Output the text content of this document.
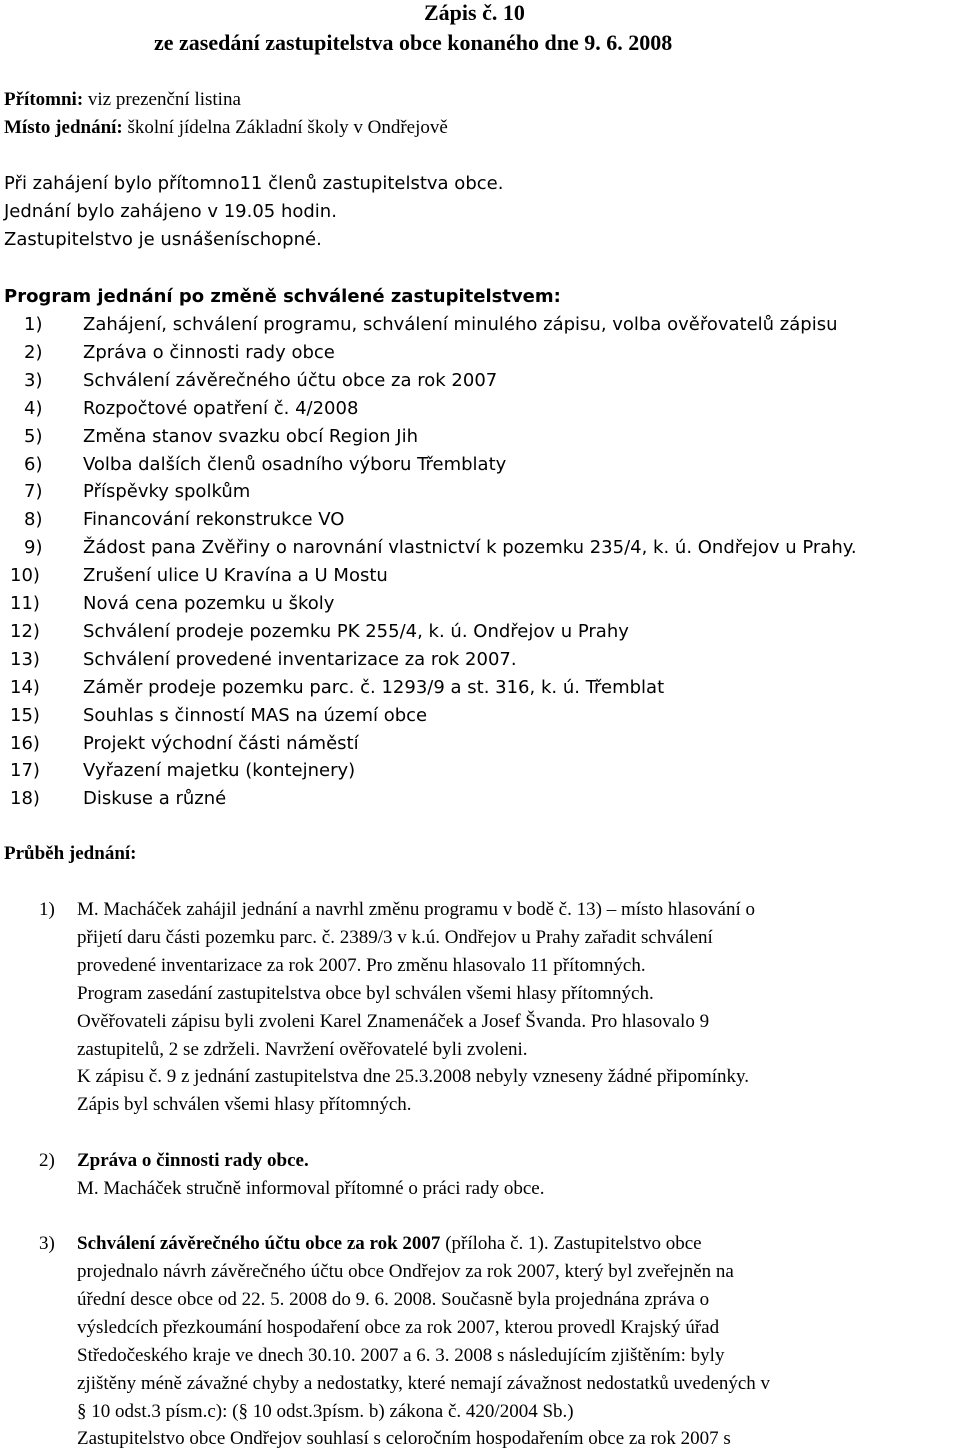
Zápis č. 10
ze zasedání zastupitelstva obce konaného dne 9. 6. 2008
Přítomni: viz prezenční listina
Místo jednání: školní jídelna Základní školy v Ondřejově
Při zahájení bylo přítomno11 členů zastupitelstva obce.
Jednání bylo zahájeno v 19.05 hodin.
Zastupitelstvo je usnášeníschopné.
Program jednání po změně schválené zastupitelstvem:
1) Zahájení, schválení programu, schválení minulého zápisu, volba ověřovatelů zápisu
2) Zpráva o činnosti rady obce
3) Schválení závěrečného účtu obce za rok 2007
4) Rozpočtové opatření č. 4/2008
5) Změna stanov svazku obcí Region Jih
6) Volba dalších členů osadního výboru Třemblaty
7) Příspěvky spolkům
8) Financování rekonstrukce VO
9) Žádost pana Zvěřiny o narovnání vlastnictví k pozemku 235/4, k. ú. Ondřejov u Prahy.
10) Zrušení ulice U Kravína a U Mostu
11) Nová cena pozemku u školy
12) Schválení prodeje pozemku PK 255/4, k. ú. Ondřejov u Prahy
13) Schválení provedené inventarizace za rok 2007.
14) Záměr prodeje pozemku parc. č. 1293/9 a st. 316, k. ú. Třemblat
15) Souhlas s činností MAS na území obce
16) Projekt východní části náměstí
17) Vyřazení majetku (kontejnery)
18) Diskuse a různé
Průběh jednání:
1) M. Macháček zahájil jednání a navrhl změnu programu v bodě č. 13) – místo hlasování o
přijetí daru části pozemku parc. č. 2389/3 v k.ú. Ondřejov u Prahy zařadit schválení
provedené inventarizace za rok 2007. Pro změnu hlasovalo 11 přítomných.
Program zasedání zastupitelstva obce byl schválen všemi hlasy přítomných.
Ověřovateli zápisu byli zvoleni Karel Znamenáček a Josef Švanda. Pro hlasovalo 9
zastupitelů, 2 se zdrželi. Navržení ověřovatelé byli zvoleni.
K zápisu č. 9 z jednání zastupitelstva dne 25.3.2008 nebyly vzneseny žádné připomínky.
Zápis byl schválen všemi hlasy přítomných.
2) Zpráva o činnosti rady obce.
M. Macháček stručně informoval přítomné o práci rady obce.
3) Schválení závěrečného účtu obce za rok 2007 (příloha č. 1). Zastupitelstvo obce
projednalo návrh závěrečného účtu obce Ondřejov za rok 2007, který byl zveřejněn na
úřední desce obce od 22. 5. 2008 do 9. 6. 2008. Současně byla projednána zpráva o
výsledcích přezkoumání hospodaření obce za rok 2007, kterou provedl Krajský úřad
Středočeského kraje ve dnech 30.10. 2007 a 6. 3. 2008 s následujícím zjištěním: byly
zjištěny méně závažné chyby a nedostatky, které nemají závažnost nedostatků uvedených v
§ 10 odst.3 písm.c): (§ 10 odst.3písm. b) zákona č. 420/2004 Sb.)
Zastupitelstvo obce Ondřejov souhlasí s celoročním hospodařením obce za rok 2007 s
